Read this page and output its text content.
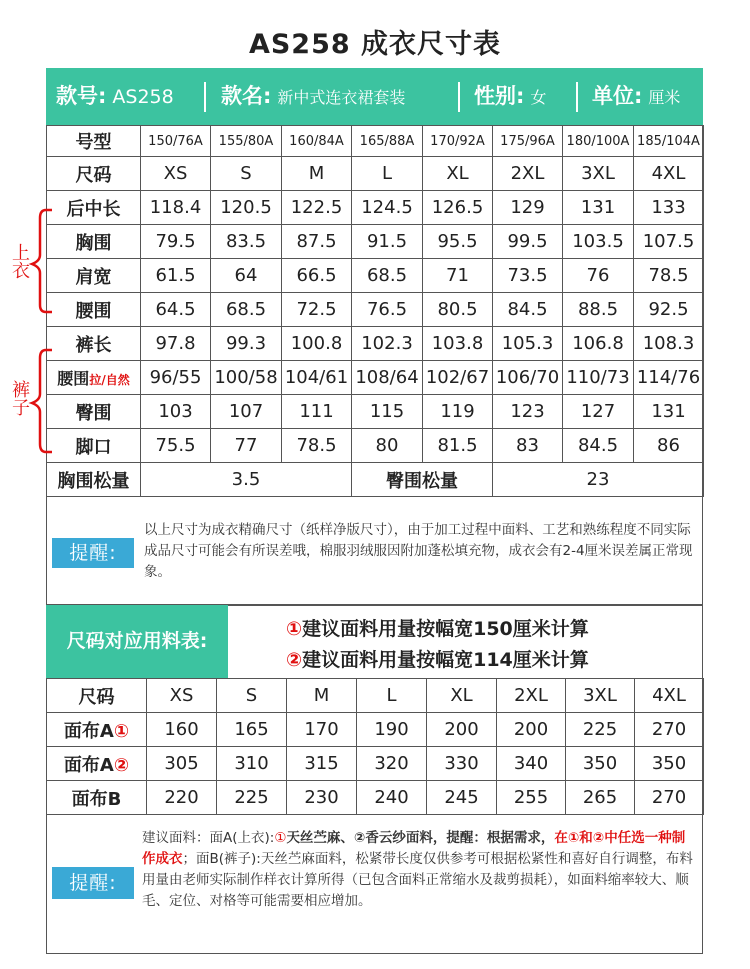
AS258 成衣尺寸表
款号: AS258 款名: 新中式连衣裙套装	性别: 女 单位: 厘米
号型	150/76A	155/80A	160/84A	165/88A	170/92A	175/96A	180/100A	185/104A
尺码	XS	S	M	L	XL	2XL	3XL	4XL
后中长	118.4	120.5	122.5	124.5	126.5	129	131	133
胸围	79.5	83.5	87.5	91.5	95.5	99.5	103.5	107.5
肩宽	61.5	64	66.5	68.5	71	73.5	76	78.5
腰围	64.5	68.5	72.5	76.5	80.5	84.5	88.5	92.5
裤长	97.8	99.3	100.8	102.3	103.8	105.3	106.8	108.3
腰围拉/自然	96/55	100/58	104/61	108/64	102/67	106/70	110/73	114/76
臀围	103	107	111	115	119	123	127	131
脚口	75.5	77	78.5	80	81.5	83	84.5	86
胸围松量	3.5			臀围松量		23		
上衣
裤子
提醒:
以上尺寸为成衣精确尺寸（纸样净版尺寸），由于加工过程中面料、工艺和熟练程度不同实际成品尺寸可能会有所误差哦，棉服羽绒服因附加蓬松填充物，成衣会有2-4厘米误差属正常现象。
尺码对应用料表:
①建议面料用量按幅宽150厘米计算
②建议面料用量按幅宽114厘米计算
尺码	XS	S	M	L	XL	2XL	3XL	4XL
面布A①	160	165	170	190	200	200	225	270
面布A②	305	310	315	320	330	340	350	350
面布B	220	225	230	240	245	255	265	270
提醒:
建议面料：面A(上衣):①天丝苎麻、②香云纱面料，提醒：根据需求，在①和②中任选一种制作成衣；面B(裤子):天丝苎麻面料，松紧带长度仅供参考可根据松紧性和喜好自行调整，布料用量由老师实际制作样衣计算所得（已包含面料正常缩水及裁剪损耗），如面料缩率较大、顺毛、定位、对格等可能需要相应增加。
